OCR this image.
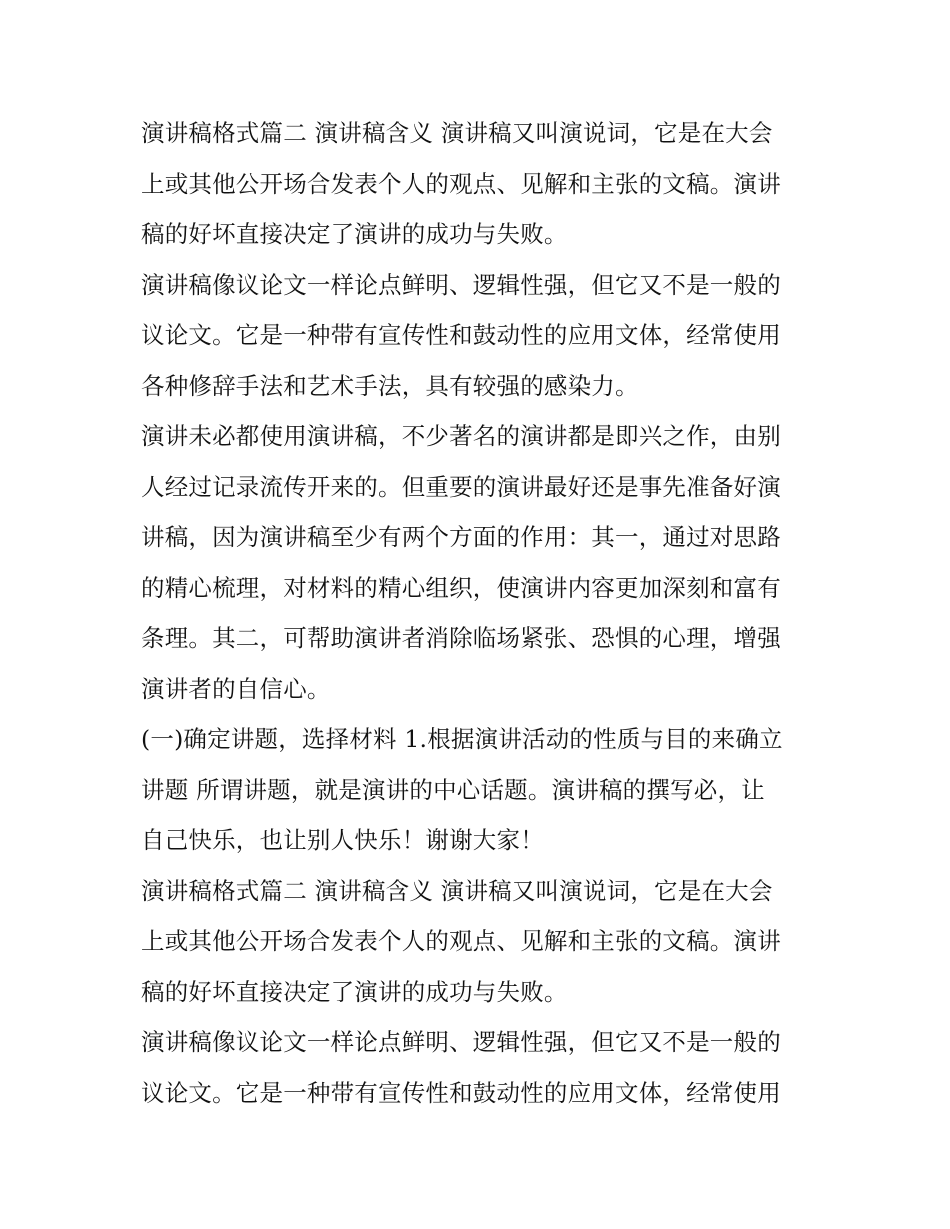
演讲稿格式篇二 演讲稿含义 演讲稿又叫演说词，它是在大会
上或其他公开场合发表个人的观点、见解和主张的文稿。演讲
稿的好坏直接决定了演讲的成功与失败。
演讲稿像议论文一样论点鲜明、逻辑性强，但它又不是一般的
议论文。它是一种带有宣传性和鼓动性的应用文体，经常使用
各种修辞手法和艺术手法，具有较强的感染力。
演讲未必都使用演讲稿，不少著名的演讲都是即兴之作，由别
人经过记录流传开来的。但重要的演讲最好还是事先准备好演
讲稿，因为演讲稿至少有两个方面的作用：其一，通过对思路
的精心梳理，对材料的精心组织，使演讲内容更加深刻和富有
条理。其二，可帮助演讲者消除临场紧张、恐惧的心理，增强
演讲者的自信心。
(一)确定讲题，选择材料 1.根据演讲活动的性质与目的来确立
讲题 所谓讲题，就是演讲的中心话题。演讲稿的撰写必，让
自己快乐，也让别人快乐！谢谢大家！
演讲稿格式篇二 演讲稿含义 演讲稿又叫演说词，它是在大会
上或其他公开场合发表个人的观点、见解和主张的文稿。演讲
稿的好坏直接决定了演讲的成功与失败。
演讲稿像议论文一样论点鲜明、逻辑性强，但它又不是一般的
议论文。它是一种带有宣传性和鼓动性的应用文体，经常使用
